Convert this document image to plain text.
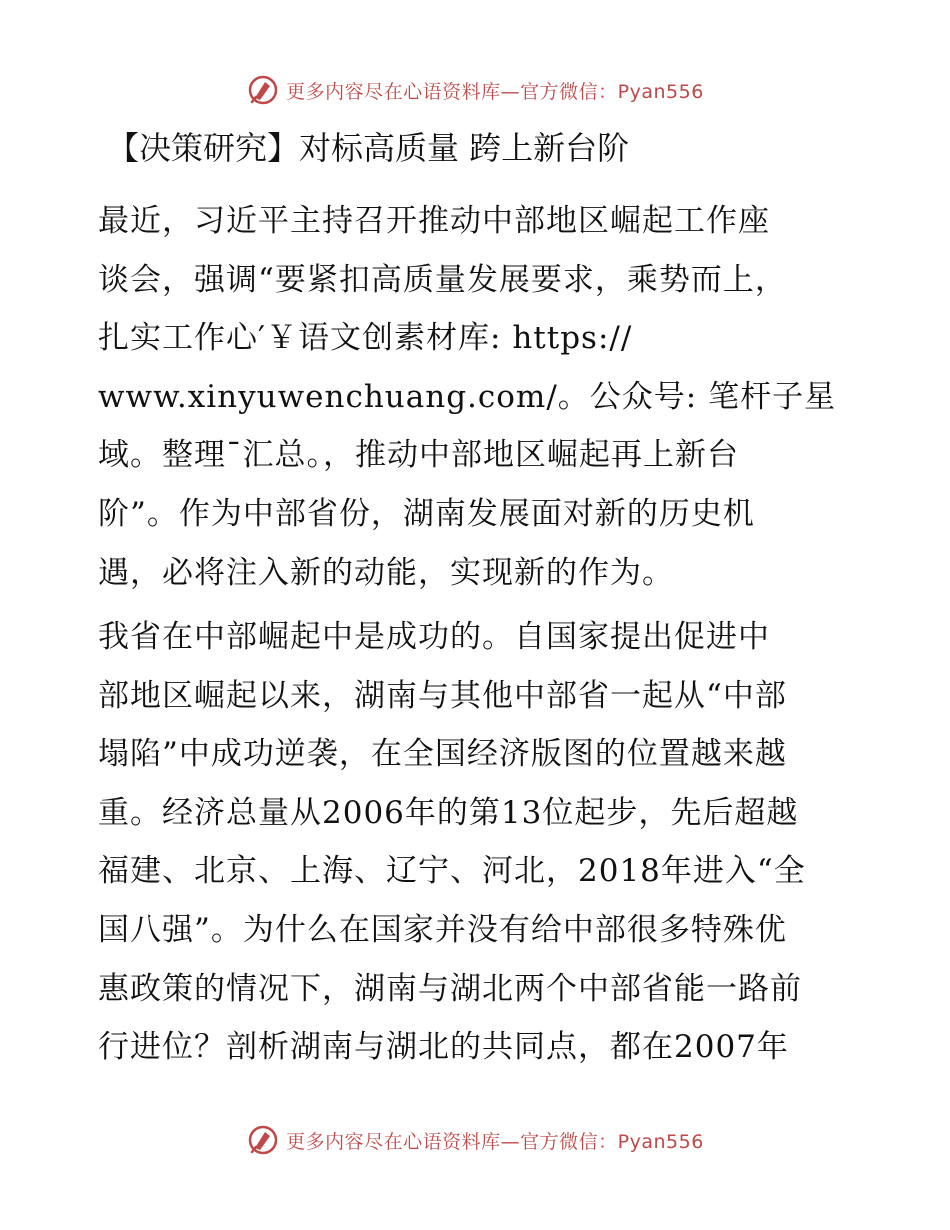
更多内容尽在心语资料库—官方微信：Pyan556
【决策研究】对标高质量 跨上新台阶
最近，习近平主持召开推动中部地区崛起工作座
谈会，强调“要紧扣高质量发展要求，乘势而上，
扎实工作心′￥语文创素材库: https://
www.xinyuwenchuang.com/。公众号: 笔杆子星
域。整理¯汇总。，推动中部地区崛起再上新台
阶”。作为中部省份，湖南发展面对新的历史机
遇，必将注入新的动能，实现新的作为。
我省在中部崛起中是成功的。自国家提出促进中
部地区崛起以来，湖南与其他中部省一起从“中部
塌陷”中成功逆袭，在全国经济版图的位置越来越
重。经济总量从2006年的第13位起步，先后超越
福建、北京、上海、辽宁、河北，2018年进入“全
国八强”。为什么在国家并没有给中部很多特殊优
惠政策的情况下，湖南与湖北两个中部省能一路前
行进位？剖析湖南与湖北的共同点，都在2007年
更多内容尽在心语资料库—官方微信：Pyan556
